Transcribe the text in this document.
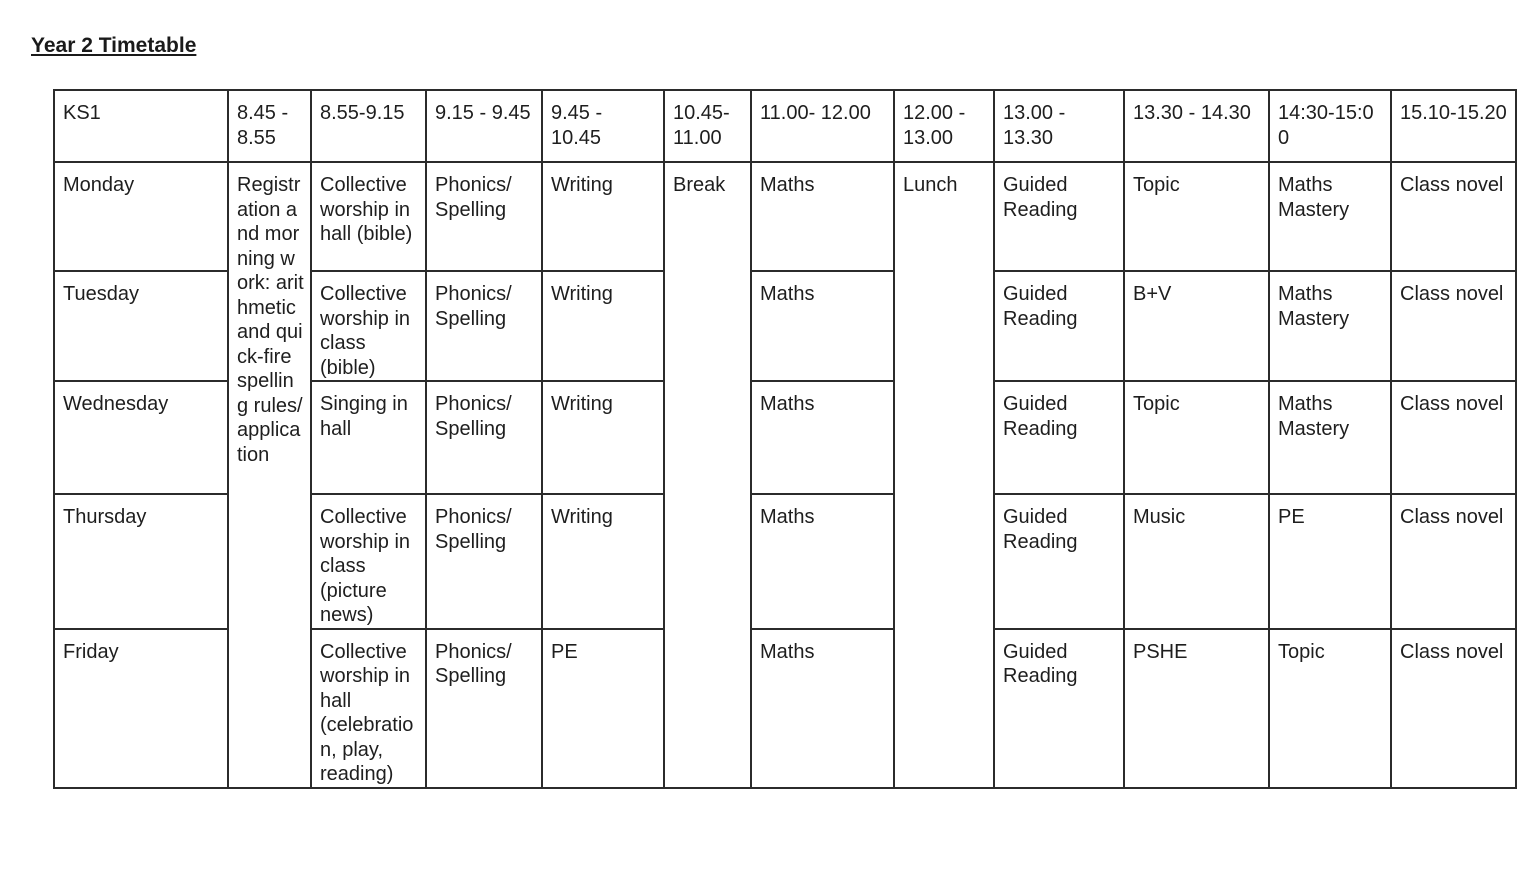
Year 2 Timetable
KS1	8.45 - 8.55	8.55-9.15	9.15 - 9.45	9.45 - 10.45	10.45-11.00	11.00- 12.00	12.00 - 13.00	13.00 - 13.30	13.30 - 14.30	14:30-15:00	15.10-15.20
Monday	Registration and morning work: arithmetic and quick-fire spelling rules/application	Collective worship in hall (bible)	Phonics/ Spelling	Writing	Break	Maths	Lunch	Guided Reading	Topic	Maths Mastery	Class novel
Tuesday		Collective worship in class (bible)	Phonics/ Spelling	Writing		Maths		Guided Reading	B+V	Maths Mastery	Class novel
Wednesday		Singing in hall	Phonics/ Spelling	Writing		Maths		Guided Reading	Topic	Maths Mastery	Class novel
Thursday		Collective worship in class (picture news)	Phonics/ Spelling	Writing		Maths		Guided Reading	Music	PE	Class novel
Friday		Collective worship in hall (celebration, play, reading)	Phonics/ Spelling	PE		Maths		Guided Reading	PSHE	Topic	Class novel
